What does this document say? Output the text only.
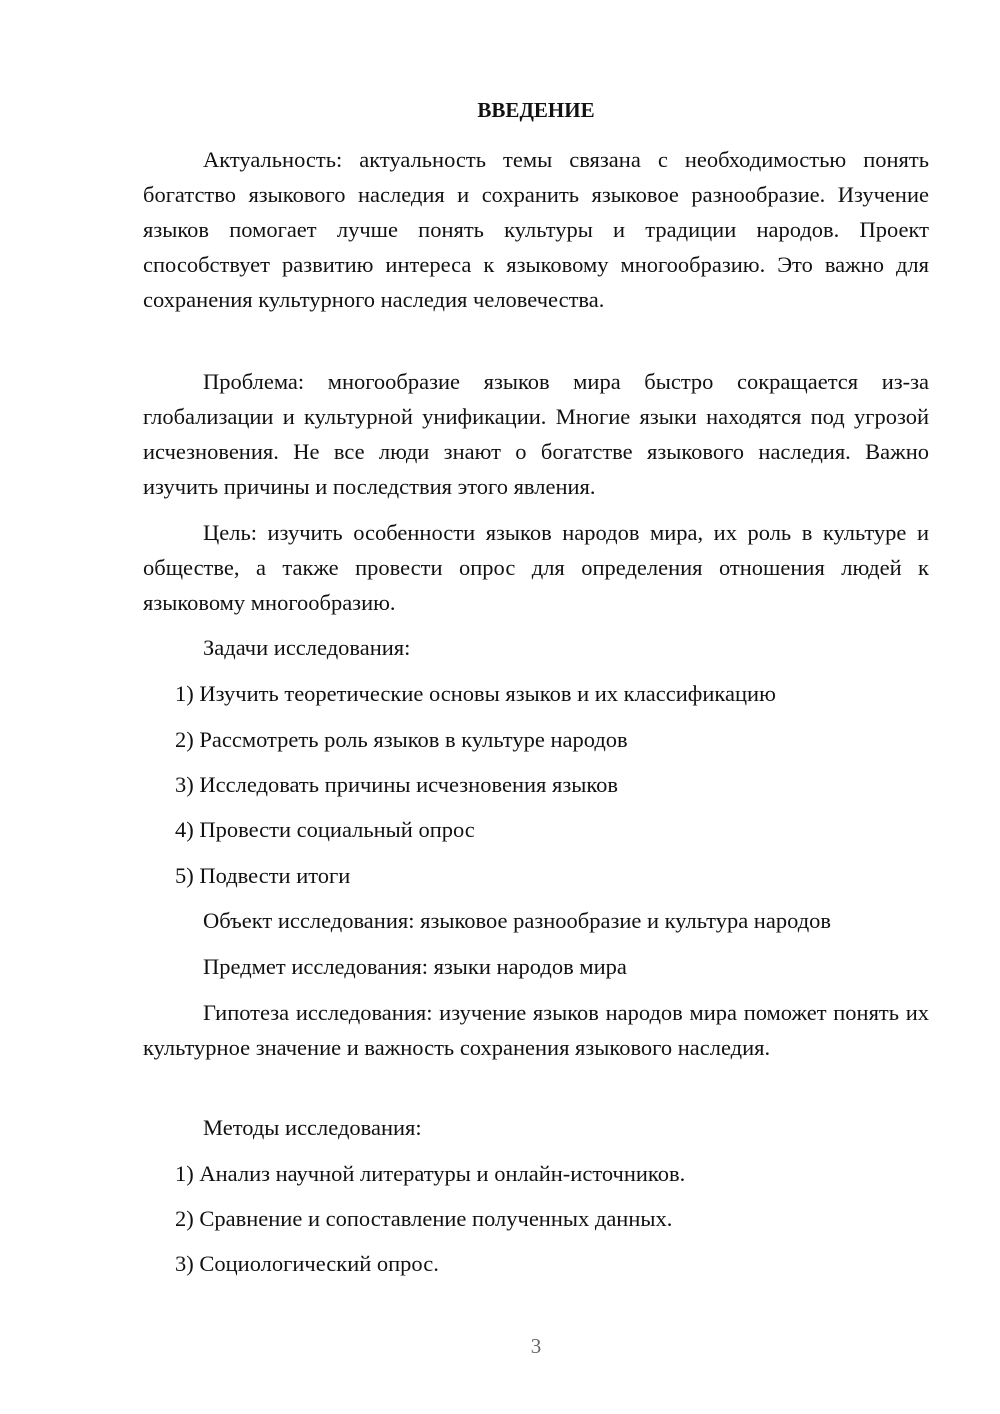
ВВЕДЕНИЕ

Актуальность: актуальность темы связана с необходимостью понять богатство языкового наследия и сохранить языковое разнообразие. Изучение языков помогает лучше понять культуры и традиции народов. Проект способствует развитию интереса к языковому многообразию. Это важно для сохранения культурного наследия человечества.

Проблема: многообразие языков мира быстро сокращается из-за глобализации и культурной унификации. Многие языки находятся под угрозой исчезновения. Не все люди знают о богатстве языкового наследия. Важно изучить причины и последствия этого явления.

Цель: изучить особенности языков народов мира, их роль в культуре и обществе, а также провести опрос для определения отношения людей к языковому многообразию.

Задачи исследования:

1) Изучить теоретические основы языков и их классификацию

2) Рассмотреть роль языков в культуре народов

3) Исследовать причины исчезновения языков

4) Провести социальный опрос

5) Подвести итоги

Объект исследования: языковое разнообразие и культура народов

Предмет исследования: языки народов мира

Гипотеза исследования: изучение языков народов мира поможет понять их культурное значение и важность сохранения языкового наследия.

Методы исследования:

1) Анализ научной литературы и онлайн-источников.

2) Сравнение и сопоставление полученных данных.

3) Социологический опрос.

3
